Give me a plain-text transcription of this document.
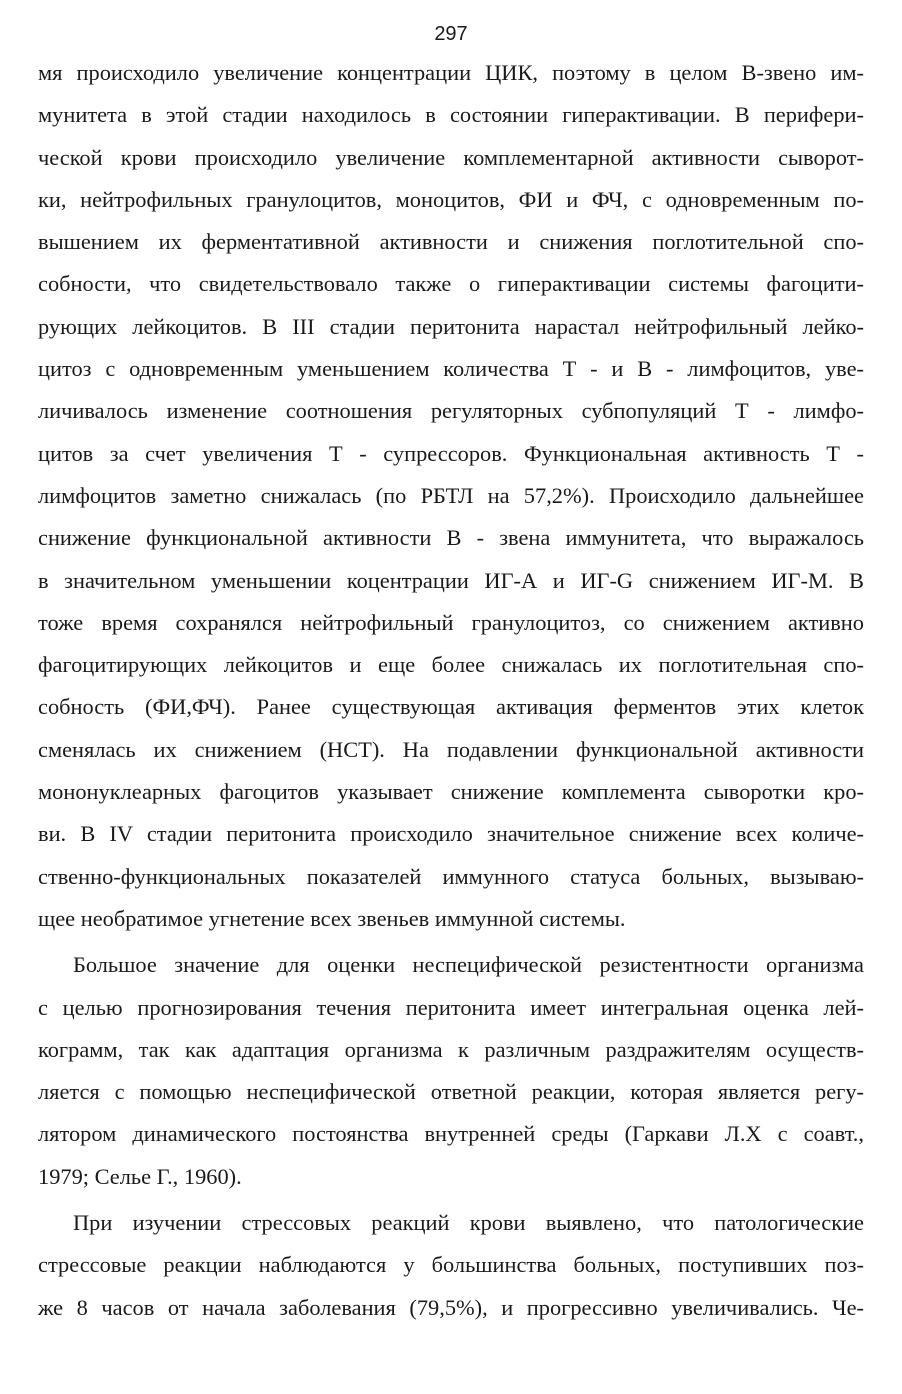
297

мя происходило увеличение концентрации ЦИК, поэтому в целом В-звено им-
мунитета в этой стадии находилось в состоянии гиперактивации. В перифери-
ческой крови происходило увеличение комплементарной активности сыворот-
ки, нейтрофильных гранулоцитов, моноцитов, ФИ и ФЧ, с одновременным по-
вышением их ферментативной активности и снижения поглотительной спо-
собности, что свидетельствовало также о гиперактивации системы фагоцити-
рующих лейкоцитов. В III стадии перитонита нарастал нейтрофильный лейко-
цитоз с одновременным уменьшением количества Т - и В - лимфоцитов, уве-
личивалось изменение соотношения регуляторных субпопуляций Т - лимфо-
цитов за счет увеличения Т - супрессоров. Функциональная активность Т -
лимфоцитов заметно снижалась (по РБТЛ на 57,2%). Происходило дальнейшее
снижение функциональной активности В - звена иммунитета, что выражалось
в значительном уменьшении коцентрации ИГ-А и ИГ-G снижением ИГ-М. В
тоже время сохранялся нейтрофильный гранулоцитоз, со снижением активно
фагоцитирующих лейкоцитов и еще более снижалась их поглотительная спо-
собность (ФИ,ФЧ). Ранее существующая активация ферментов этих клеток
сменялась их снижением (НСТ). На подавлении функциональной активности
мононуклеарных фагоцитов указывает снижение комплемента сыворотки кро-
ви. В IV стадии перитонита происходило значительное снижение всех количе-
ственно-функциональных показателей иммунного статуса больных, вызываю-
щее необратимое угнетение всех звеньев иммунной системы.

Большое значение для оценки неспецифической резистентности организма
с целью прогнозирования течения перитонита имеет интегральная оценка лей-
кограмм, так как адаптация организма к различным раздражителям осуществ-
ляется с помощью неспецифической ответной реакции, которая является регу-
лятором динамического постоянства внутренней среды (Гаркави Л.Х с соавт.,
1979; Селье Г., 1960).

При изучении стрессовых реакций крови выявлено, что патологические
стрессовые реакции наблюдаются у большинства больных, поступивших поз-
же 8 часов от начала заболевания (79,5%), и прогрессивно увеличивались. Че-
